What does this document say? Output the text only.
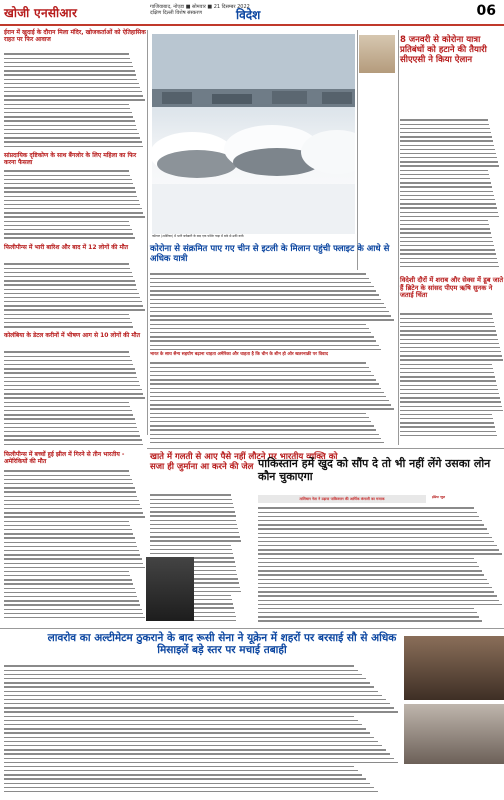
खोजी एनसीआर	गाजियाबाद, नोएडा ■ सोमवार ■ 21 दिसम्बर 2022
दक्षिण दिल्ली विशेष संस्करण	विदेश	06
ईरान में खुदाई के दौरान मिला मंदिर, खोजकर्ताओं को ऐतिहासिक राहत पर फिर आवाज
सांप्रदायिक दृष्टिकोण के साथ बैंगलोर के लिए महिला का फिर करना फैसला
फिलीपीन्स में भारी बारिश और बाद में 12 लोगों की मौत
कोलंबिया के डेटल करीनों में भीषण आग से 10 लोगों की मौत
फिलीपीन्स में बच्चों हुई झील में गिरने से तीन भारतीय - अमेरिकियों की मौत
फॉटाल (अमेरिका) में भारी बर्फबारी के बाद एक फॉर्मर गाड़ा में बर्फ से ढकी कारें।
8 जनवरी से कोरोना यात्रा प्रतिबंधों को हटाने की तैयारी सीएएसी ने किया ऐलान
कोरोना से संक्रमित पाए गए चीन से इटली के मिलान पहुंची फ्लाइट के आधे से अधिक यात्री
भारत के साथ सैन्य सहयोग बढ़ाना चाहता अमेरिका और चाहता है कि चीन के शीन हो ओर खतरनाक्री पर विवाद
विदेशी दौरों में शराब और सेक्स में डूब जाते हैं ब्रिटेन के सांसद पीएम ऋषि सुनक ने जताई चिंता
खाते में गलती से आए पैसे नहीं लौटने पर भारतीय व्यक्ति को सजा ही जुर्माना आ करने की जेल पाकिस्तान हमें खुद को सौंप दे तो भी नहीं लेंगे उसका लोन कौन चुकाएगा
तालिबान नेता ने उड़ाया पाकिस्तान की आर्थिक कंगाली का मजाक	इंडिया न्यूज़
लावरोव का अल्टीमेटम ठुकराने के बाद रूसी सेना ने यूक्रेन में शहरों पर बरसाई सौ से अधिक मिसाइलें बड़े स्तर पर मचाई तबाही
